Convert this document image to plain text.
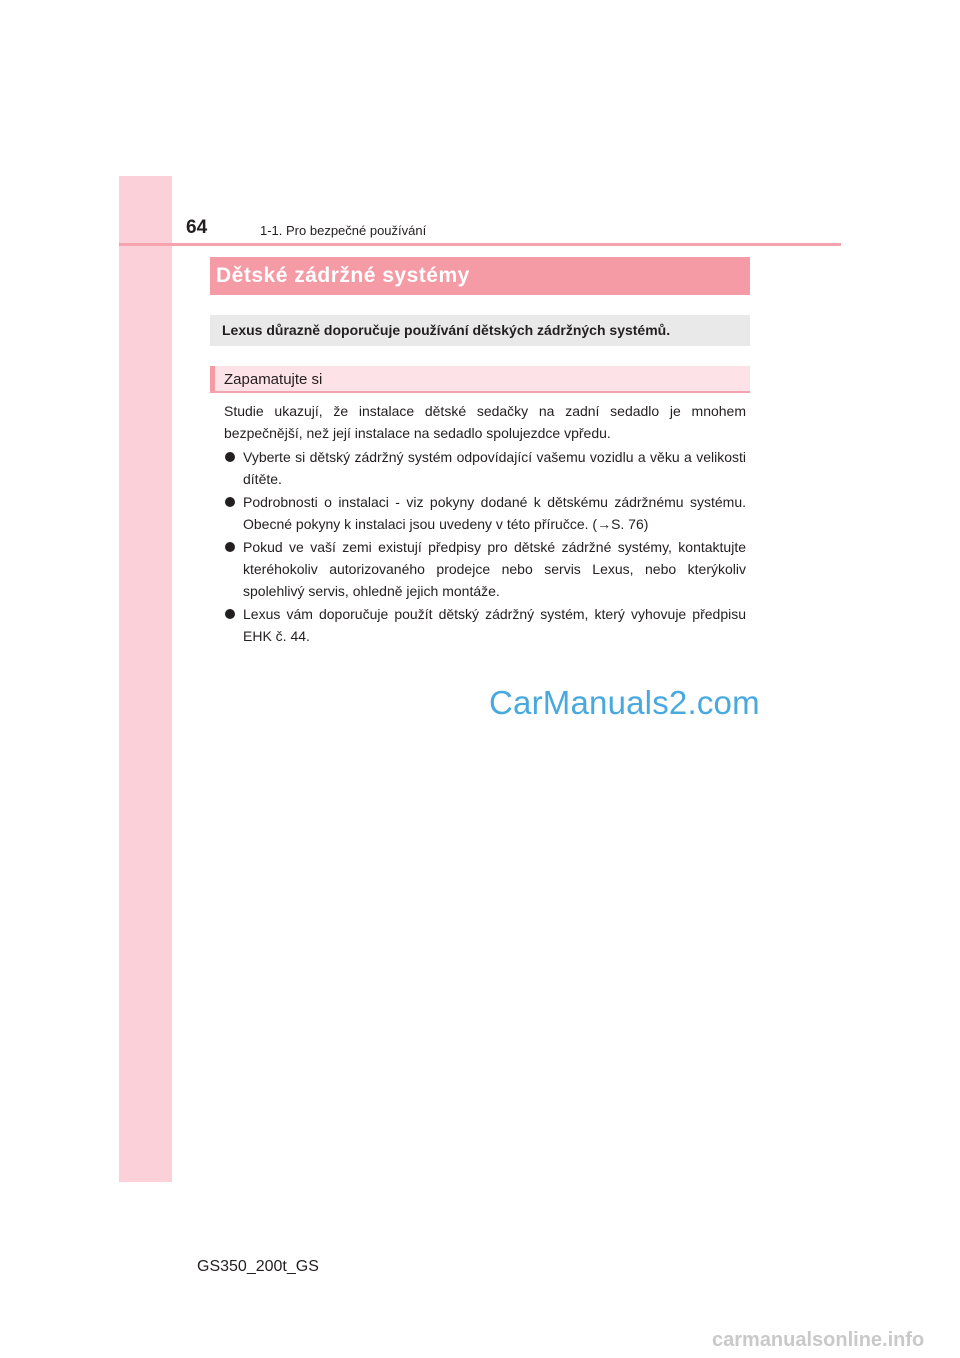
64	1-1. Pro bezpečné používání
Dětské zádržné systémy
Lexus důrazně doporučuje používání dětských zádržných systémů.
Zapamatujte si

Studie ukazují, že instalace dětské sedačky na zadní sedadlo je mnohem bezpečnější, než její instalace na sedadlo spolujezdce vpředu.

Vyberte si dětský zádržný systém odpovídající vašemu vozidlu a věku a velikosti dítěte.
Podrobnosti o instalaci - viz pokyny dodané k dětskému zádržnému systému. Obecné pokyny k instalaci jsou uvedeny v této příručce. (→S. 76)
Pokud ve vaší zemi existují předpisy pro dětské zádržné systémy, kontaktujte kteréhokoliv autorizovaného prodejce nebo servis Lexus, nebo kterýkoliv spolehlivý servis, ohledně jejich montáže.
Lexus vám doporučuje použít dětský zádržný systém, který vyhovuje předpisu EHK č. 44.
CarManuals2.com
GS350_200t_GS
carmanualsonline.info
